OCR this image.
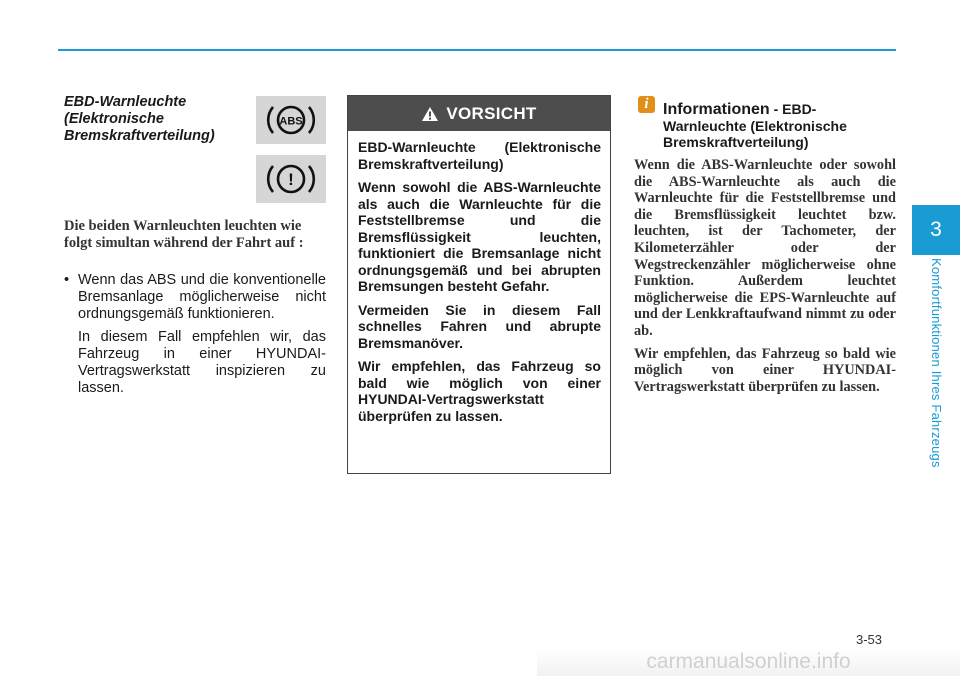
3
Komfortfunktionen Ihres Fahrzeugs
EBD-Warnleuchte (Elektronische Bremskraftverteilung)
ABS
!
Die beiden Warnleuchten leuchten wie folgt simultan während der Fahrt auf :
• Wenn das ABS und die konventionelle Bremsanlage möglicherweise nicht ordnungsgemäß funktionieren.
In diesem Fall empfehlen wir, das Fahrzeug in einer HYUNDAI-Vertragswerkstatt inspizieren zu lassen.
VORSICHT

EBD-Warnleuchte (Elektronische Bremskraftverteilung)

Wenn sowohl die ABS-Warnleuchte als auch die Warnleuchte für die Feststellbremse und die Bremsflüssigkeit leuchten, funktioniert die Bremsanlage nicht ordnungsgemäß und bei abrupten Bremsungen besteht Gefahr.

Vermeiden Sie in diesem Fall schnelles Fahren und abrupte Bremsmanöver.

Wir empfehlen, das Fahrzeug so bald wie möglich von einer HYUNDAI-Vertragswerkstatt überprüfen zu lassen.

i Informationen - EBD-Warnleuchte (Elektronische Bremskraftverteilung)

Wenn die ABS-Warnleuchte oder sowohl die ABS-Warnleuchte als auch die Warnleuchte für die Feststellbremse und die Bremsflüssigkeit leuchtet bzw. leuchten, ist der Tachometer, der Kilometerzähler oder der Wegstreckenzähler möglicherweise ohne Funktion. Außerdem leuchtet möglicherweise die EPS-Warnleuchte auf und der Lenkkraftaufwand nimmt zu oder ab.

Wir empfehlen, das Fahrzeug so bald wie möglich von einer HYUNDAI-Vertragswerkstatt überprüfen zu lassen.

3-53
carmanualsonline.info
